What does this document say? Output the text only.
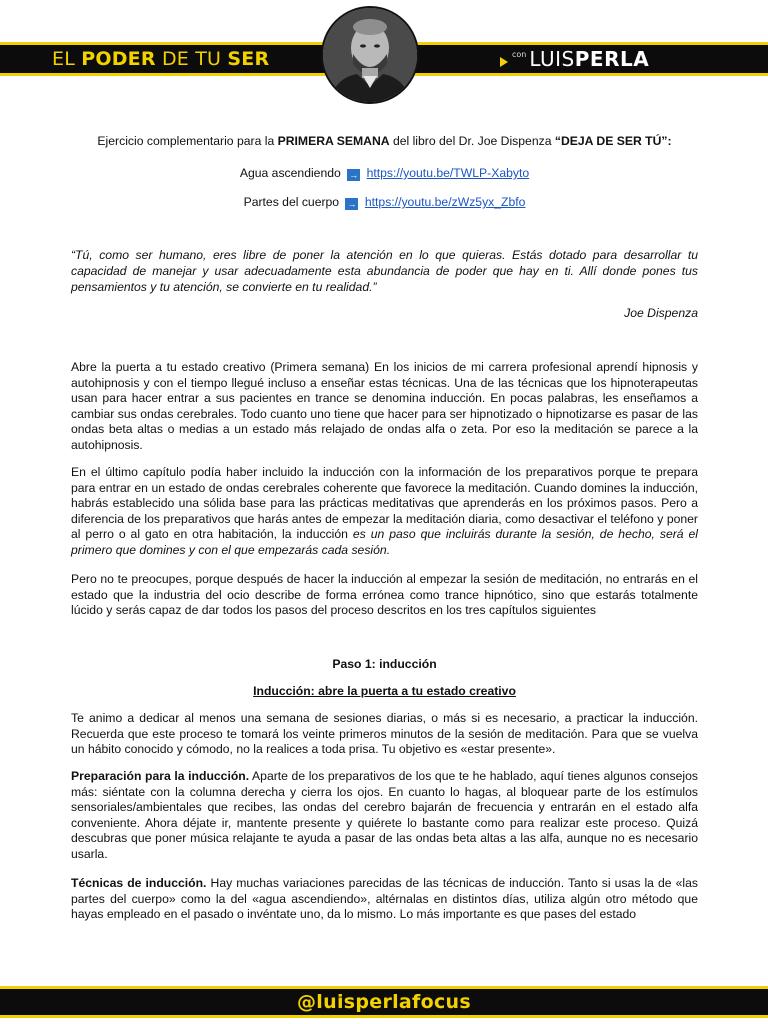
EL PODER DE TU SER	$^{con}$ LUISPERLA
Ejercicio complementario para la PRIMERA SEMANA del libro del Dr. Joe Dispenza “DEJA DE SER TÚ”:
Agua ascendiendo → https://youtu.be/TWLP-Xabyto
Partes del cuerpo → https://youtu.be/zWz5yx_Zbfo
“Tú, como ser humano, eres libre de poner la atención en lo que quieras. Estás dotado para desarrollar tu capacidad de manejar y usar adecuadamente esta abundancia de poder que hay en ti. Allí donde pones tus pensamientos y tu atención, se convierte en tu realidad.”
Joe Dispenza
Abre la puerta a tu estado creativo (Primera semana) En los inicios de mi carrera profesional aprendí hipnosis y autohipnosis y con el tiempo llegué incluso a enseñar estas técnicas. Una de las técnicas que los hipnoterapeutas usan para hacer entrar a sus pacientes en trance se denomina inducción. En pocas palabras, les enseñamos a cambiar sus ondas cerebrales. Todo cuanto uno tiene que hacer para ser hipnotizado o hipnotizarse es pasar de las ondas beta altas o medias a un estado más relajado de ondas alfa o zeta. Por eso la meditación se parece a la autohipnosis.
En el último capítulo podía haber incluido la inducción con la información de los preparativos porque te prepara para entrar en un estado de ondas cerebrales coherente que favorece la meditación. Cuando domines la inducción, habrás establecido una sólida base para las prácticas meditativas que aprenderás en los próximos pasos. Pero a diferencia de los preparativos que harás antes de empezar la meditación diaria, como desactivar el teléfono y poner al perro o al gato en otra habitación, la inducción es un paso que incluirás durante la sesión, de hecho, será el primero que domines y con el que empezarás cada sesión.
Pero no te preocupes, porque después de hacer la inducción al empezar la sesión de meditación, no entrarás en el estado que la industria del ocio describe de forma errónea como trance hipnótico, sino que estarás totalmente lúcido y serás capaz de dar todos los pasos del proceso descritos en los tres capítulos siguientes
Paso 1: inducción
Inducción: abre la puerta a tu estado creativo
Te animo a dedicar al menos una semana de sesiones diarias, o más si es necesario, a practicar la inducción. Recuerda que este proceso te tomará los veinte primeros minutos de la sesión de meditación. Para que se vuelva un hábito conocido y cómodo, no la realices a toda prisa. Tu objetivo es «estar presente».
Preparación para la inducción. Aparte de los preparativos de los que te he hablado, aquí tienes algunos consejos más: siéntate con la columna derecha y cierra los ojos. En cuanto lo hagas, al bloquear parte de los estímulos sensoriales/ambientales que recibes, las ondas del cerebro bajarán de frecuencia y entrarán en el estado alfa conveniente. Ahora déjate ir, mantente presente y quiérete lo bastante como para realizar este proceso. Quizá descubras que poner música relajante te ayuda a pasar de las ondas beta altas a las alfa, aunque no es necesario usarla.
Técnicas de inducción. Hay muchas variaciones parecidas de las técnicas de inducción. Tanto si usas la de «las partes del cuerpo» como la del «agua ascendiendo», altérnalas en distintos días, utiliza algún otro método que hayas empleado en el pasado o invéntate uno, da lo mismo. Lo más importante es que pases del estado
@luisperlafocus
